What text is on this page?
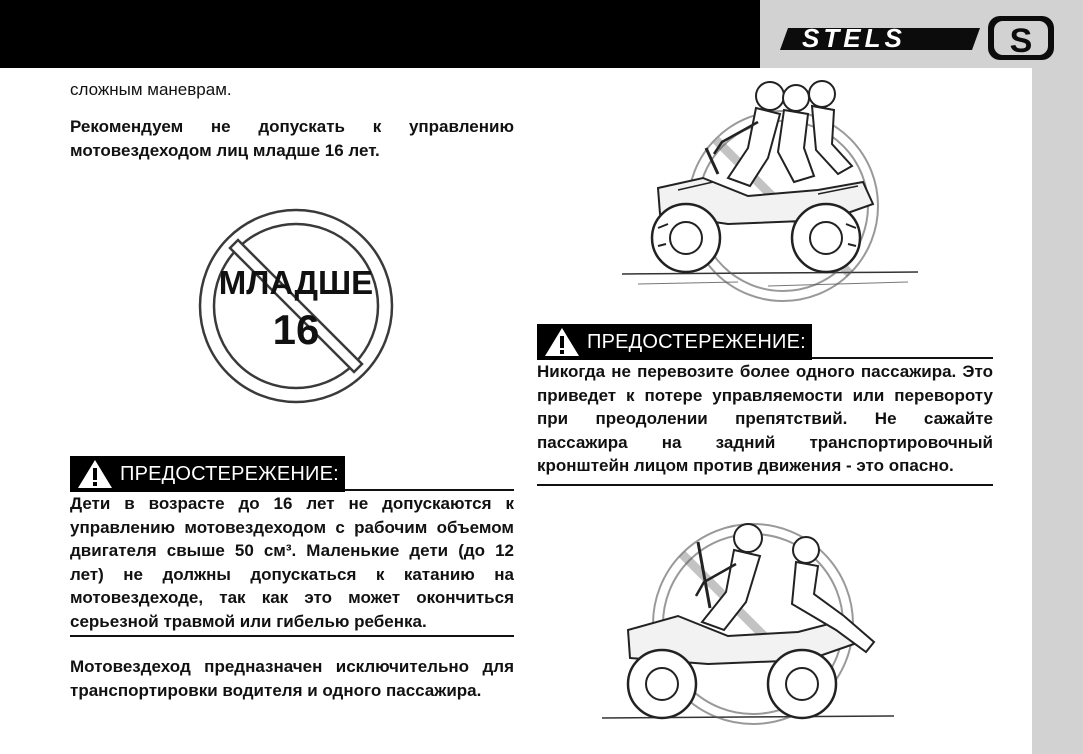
STELS	S
сложным маневрам.

Рекомендуем не допускать к управлению мотовездеходом лиц младше 16 лет.

МЛАДШЕ
16
ПРЕДОСТЕРЕЖЕНИЕ:

Дети в возрасте до 16 лет не допускаются к управлению мотовездеходом с рабочим объемом двигателя свыше 50 см³. Маленькие дети (до 12 лет) не должны допускаться к катанию на мотовездеходе, так как это может окончиться серьезной травмой или гибелью ребенка.

Мотовездеход предназначен исключительно для транспортировки водителя и одного пассажира.

ПРЕДОСТЕРЕЖЕНИЕ:

Никогда не перевозите более одного пассажира. Это приведет к потере управляемости или перевороту при преодолении препятствий. Не сажайте пассажира на задний транспортировочный кронштейн лицом против движения - это опасно.
